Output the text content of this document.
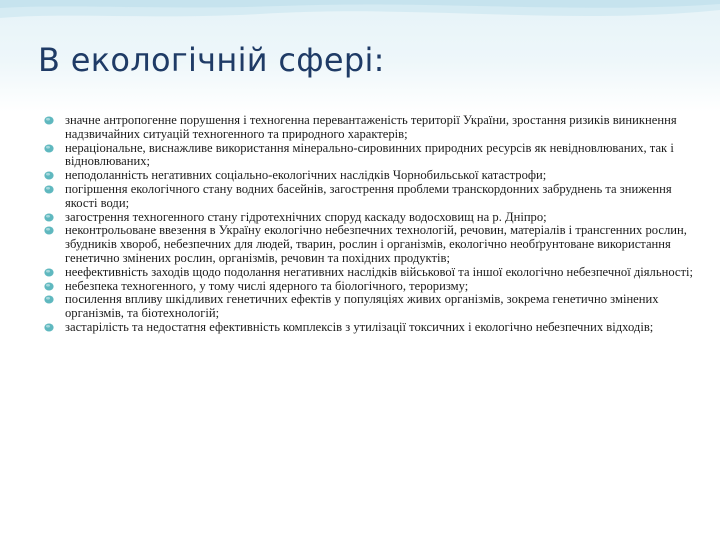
В екологічній сфері:
значне антропогенне порушення і техногенна перевантаженість території України, зростання ризиків виникнення надзвичайних ситуацій техногенного та природного характерів;
нераціональне, виснажливе використання мінерально-сировинних природних ресурсів як невідновлюваних, так і відновлюваних;
неподоланність негативних соціально-екологічних наслідків Чорнобильської катастрофи;
погіршення екологічного стану водних басейнів, загострення проблеми транскордонних забруднень та зниження якості води;
загострення техногенного стану гідротехнічних споруд каскаду водосховищ на р. Дніпро;
неконтрольоване ввезення в Україну екологічно небезпечних технологій, речовин, матеріалів і трансгенних рослин, збудників хвороб, небезпечних для людей, тварин, рослин і організмів, екологічно необґрунтоване використання генетично змінених рослин, організмів, речовин та похідних продуктів;
неефективність заходів щодо подолання негативних наслідків військової та іншої екологічно небезпечної діяльності;
небезпека техногенного, у тому числі ядерного та біологічного, тероризму;
посилення впливу шкідливих генетичних ефектів у популяціях живих організмів, зокрема генетично змінених організмів, та біотехнологій;
застарілість та недостатня ефективність комплексів з утилізації токсичних і екологічно небезпечних відходів;
